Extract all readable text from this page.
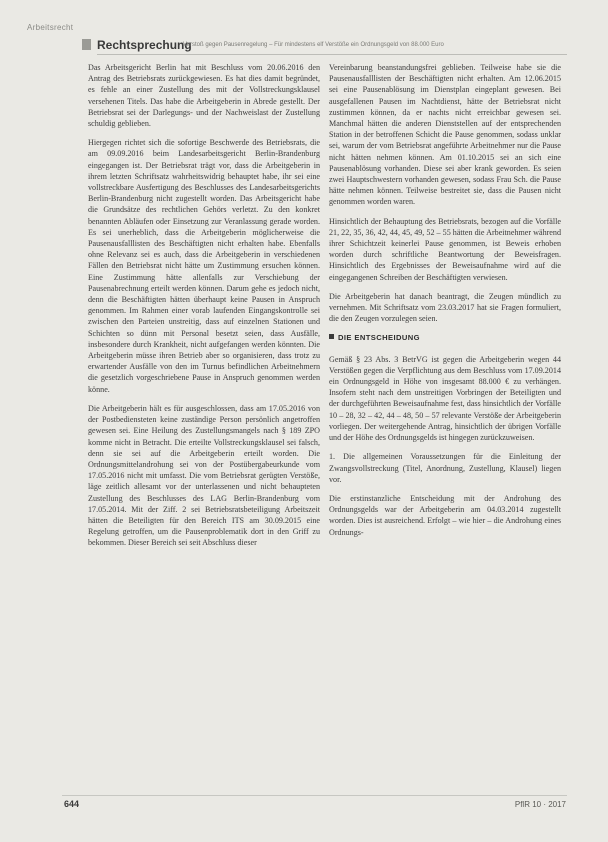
Arbeitsrecht
Rechtsprechung
Verstoß gegen Pausenregelung – Für mindestens elf Verstöße ein Ordnungsgeld von 88.000 Euro

Das Arbeitsgericht Berlin hat mit Beschluss vom 20.06.2016 den Antrag des Betriebsrats zurückgewiesen. Es hat dies damit begründet, es fehle an einer Zustellung des mit der Vollstreckungsklausel versehenen Titels. Das habe die Arbeitgeberin in Abrede gestellt. Der Betriebsrat sei der Darlegungs- und der Nachweislast der Zustellung schuldig geblieben.

Hiergegen richtet sich die sofortige Beschwerde des Betriebsrats, die am 09.09.2016 beim Landesarbeitsgericht Berlin-Brandenburg eingegangen ist. Der Betriebsrat trägt vor, dass die Arbeitgeberin in ihrem letzten Schriftsatz wahrheitswidrig behauptet habe, ihr sei eine vollstreckbare Ausfertigung des Beschlusses des Landesarbeitsgerichts Berlin-Brandenburg nicht zugestellt worden. Das Arbeitsgericht habe die Grundsätze des rechtlichen Gehörs verletzt. Zu den konkret benannten Abläufen oder Einsetzung zur Veranlassung gerade worden. Es sei unerheblich, dass die Arbeitgeberin möglicherweise die Pausenausfalllisten des Beschäftigten nicht erhalten habe. Ebenfalls ohne Relevanz sei es auch, dass die Arbeitgeberin in verschiedenen Fällen den Betriebsrat nicht hätte um Zustimmung ersuchen können. Eine Zustimmung hätte allenfalls zur Verschiebung der Pausenabrechnung erteilt werden können. Darum gehe es jedoch nicht, denn die Beschäftigten hätten überhaupt keine Pausen in Anspruch genommen. Im Rahmen einer vorab laufenden Eingangskontrolle sei zwischen den Parteien unstreitig, dass auf einzelnen Stationen und Schichten so dünn mit Personal besetzt seien, dass Ausfälle, insbesondere durch Krankheit, nicht aufgefangen werden könnten. Die Arbeitgeberin müsse ihren Betrieb aber so organisieren, dass trotz zu erwartender Ausfälle von den im Turnus befindlichen Arbeitnehmern die gesetzlich vorgeschriebene Pause in Anspruch genommen werden könne.

Die Arbeitgeberin hält es für ausgeschlossen, dass am 17.05.2016 von der Postbediensteten keine zuständige Person persönlich angetroffen gewesen sei. Eine Heilung des Zustellungsmangels nach § 189 ZPO komme nicht in Betracht. Die erteilte Vollstreckungsklausel sei falsch, denn sie sei auf die Arbeitgeberin erteilt worden. Die Ordnungsmittelandrohung sei von der Postübergabeurkunde vom 17.05.2016 nicht mit umfasst. Die vom Betriebsrat gerügten Verstöße, läge zeitlich allesamt vor der unterlassenen und nicht behaupteten Zustellung des Beschlusses des LAG Berlin-Brandenburg vom 17.05.2014. Mit der Ziff. 2 sei Betriebsratsbeteiligung Arbeitszeit hätten die Beteiligten für den Bereich ITS am 30.09.2015 eine Regelung getroffen, um die Pausenproblematik dort in den Griff zu bekommen. Dieser Bereich sei seit Abschluss dieser

Vereinbarung beanstandungsfrei geblieben. Teilweise habe sie die Pausenausfalllisten der Beschäftigten nicht erhalten. Am 12.06.2015 sei eine Pausenablösung im Dienstplan eingeplant gewesen. Bei ausgefallenen Pausen im Nachtdienst, hätte der Betriebsrat nicht zustimmen können, da er nachts nicht erreichbar gewesen sei. Manchmal hätten die anderen Dienststellen auf der entsprechenden Station in der betroffenen Schicht die Pause genommen, sodass unklar sei, warum der vom Betriebsrat angeführte Arbeitnehmer nur die Pause nicht hätten nehmen können. Am 01.10.2015 sei an sich eine Pausenablösung vorhanden. Diese sei aber krank geworden. Es seien zwei Hauptschwestern vorhanden gewesen, sodass Frau Sch. die Pause hätte nehmen können. Teilweise bestreitet sie, dass die Pausen nicht genommen worden waren.

Hinsichtlich der Behauptung des Betriebsrats, bezogen auf die Vorfälle 21, 22, 35, 36, 42, 44, 45, 49, 52 – 55 hätten die Arbeitnehmer während ihrer Schichtzeit keinerlei Pause genommen, ist Beweis erhoben worden durch schriftliche Beantwortung der Beweisfragen. Hinsichtlich des Ergebnisses der Beweisaufnahme wird auf die eingegangenen Schreiben der Beschäftigten verwiesen.

Die Arbeitgeberin hat danach beantragt, die Zeugen mündlich zu vernehmen. Mit Schriftsatz vom 23.03.2017 hat sie Fragen formuliert, die den Zeugen vorzulegen seien.

DIE ENTSCHEIDUNG

Gemäß § 23 Abs. 3 BetrVG ist gegen die Arbeitgeberin wegen 44 Verstößen gegen die Verpflichtung aus dem Beschluss vom 17.09.2014 ein Ordnungsgeld in Höhe von insgesamt 88.000 € zu verhängen. Insofern steht nach dem unstreitigen Vorbringen der Beteiligten und der durchgeführten Beweisaufnahme fest, dass hinsichtlich der Vorfälle 10 – 28, 32 – 42, 44 – 48, 50 – 57 relevante Verstöße der Arbeitgeberin vorliegen. Der weitergehende Antrag, hinsichtlich der übrigen Vorfälle und der Höhe des Ordnungsgelds ist hingegen zurückzuweisen.

1. Die allgemeinen Voraussetzungen für die Einleitung der Zwangsvollstreckung (Titel, Anordnung, Zustellung, Klausel) liegen vor.

Die erstinstanzliche Entscheidung mit der Androhung des Ordnungsgelds war der Arbeitgeberin am 04.03.2014 zugestellt worden. Dies ist ausreichend. Erfolgt – wie hier – die Androhung eines Ordnungs-

644	PflR 10 · 2017
